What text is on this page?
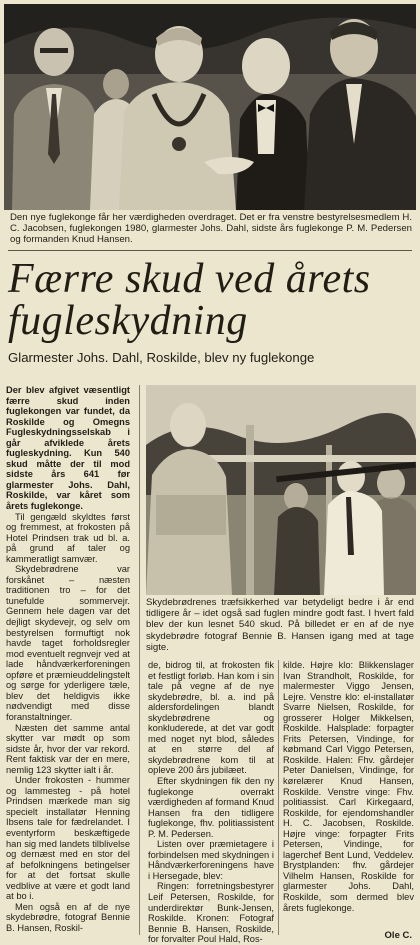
Den nye fuglekonge får her værdigheden overdraget. Det er fra venstre bestyrelsesmedlem H. C. Jacobsen, fuglekongen 1980, glarmester Johs. Dahl, sidste års fuglekonge P. M. Pedersen og formanden Knud Hansen.
Færre skud ved årets fugleskydning
Glarmester Johs. Dahl, Roskilde, blev ny fuglekonge

Der blev afgivet væsentligt færre skud inden fuglekongen var fundet, da Roskilde og Omegns Fugleskydningsselskab i går afviklede årets fugleskydning. Kun 540 skud måtte der til mod sidste års 641 før glarmester Johs. Dahl, Roskilde, var kåret som årets fuglekonge.

Til gengæld skyldtes først og fremmest, at frokosten på Hotel Prindsen trak ud bl. a. på grund af taler og kammeratligt samvær.

Skydebrødrene var forskånet – næsten traditionen tro – for det tunefulde sommervejr. Gennem hele dagen var det dejligt skydevejr, og selv om bestyrelsen formuftigt nok havde taget forholdsregler mod eventuelt regnvejr ved at lade håndværkerforeningen opføre et præmieuddelingstelt og sørge for yderligere tæle, blev det heldigvis ikke nødvendigt med disse foranstaltninger.

Næsten det samme antal skytter var mødt op som sidste år, hvor der var rekord. Rent faktisk var der en mere, nemlig 123 skytter ialt i år.

Under frokosten - hummer og lammesteg - på hotel Prindsen mærkede man sig specielt installatør Henning Ibsens tale for fædrelandet. I eventyrform beskæftigede han sig med landets tilblivelse og dernæst med en stor del af befolkningens betingelser for at det fortsat skulle vedblive at være et godt land at bo i.

Men også en af de nye skydebrødre, fotograf Bennie B. Hansen, Roskil-

Skydebrødrenes træfsikkerhed var betydeligt bedre i år end tidligere år – idet også sad fuglen mindre godt fast. I hvert fald blev der kun lesnet 540 skud. På billedet er en af de nye skydebrødre fotograf Bennie B. Hansen igang med at tage sigte.

de, bidrog til, at frokosten fik et festligt forløb. Han kom i sin tale på vegne af de nye skydebrødre, bl. a. ind på aldersfordelingen blandt skydebrødrene og konkluderede, at det var godt med noget nyt blod, således at en større del af skydebrødrene kom til at opleve 200 års jubilæet.

Efter skydningen fik den ny fuglekonge overrakt værdigheden af formand Knud Hansen fra den tidligere fuglekonge, fhv. politiassistent P. M. Pedersen.

Listen over præmietagere i forbindelsen med skydningen i Håndværkerforeningens have i Hersegade, blev:

Ringen: forretningsbestyrer Leif Petersen, Roskilde, for underdirektør Bunk-Jensen, Roskilde. Kronen: Fotograf Bennie B. Hansen, Roskilde, for forvalter Poul Hald, Ros-

kilde. Højre klo: Blikkenslager Ivan Strandholt, Roskilde, for malermester Viggo Jensen, Lejre. Venstre klo: el-installatør Svarre Nielsen, Roskilde, for grosserer Holger Mikkelsen, Roskilde. Halsplade: forpagter Frits Petersen, Vindinge, for købmand Carl Viggo Petersen, Roskilde. Halen: Fhv. gårdejer Peter Danielsen, Vindinge, for kørelærer Knud Hansen, Roskilde. Venstre vinge: Fhv. politiassist. Carl Kirkegaard, Roskilde, for ejendomshandler H. C. Jacobsen, Roskilde. Højre vinge: forpagter Frits Petersen, Vindinge, for lagerchef Bent Lund, Veddelev. Brystplanden: fhv. gårdejer Vilhelm Hansen, Roskilde for glarmester Johs. Dahl, Roskilde, som dermed blev årets fuglekonge.

Ole C.
